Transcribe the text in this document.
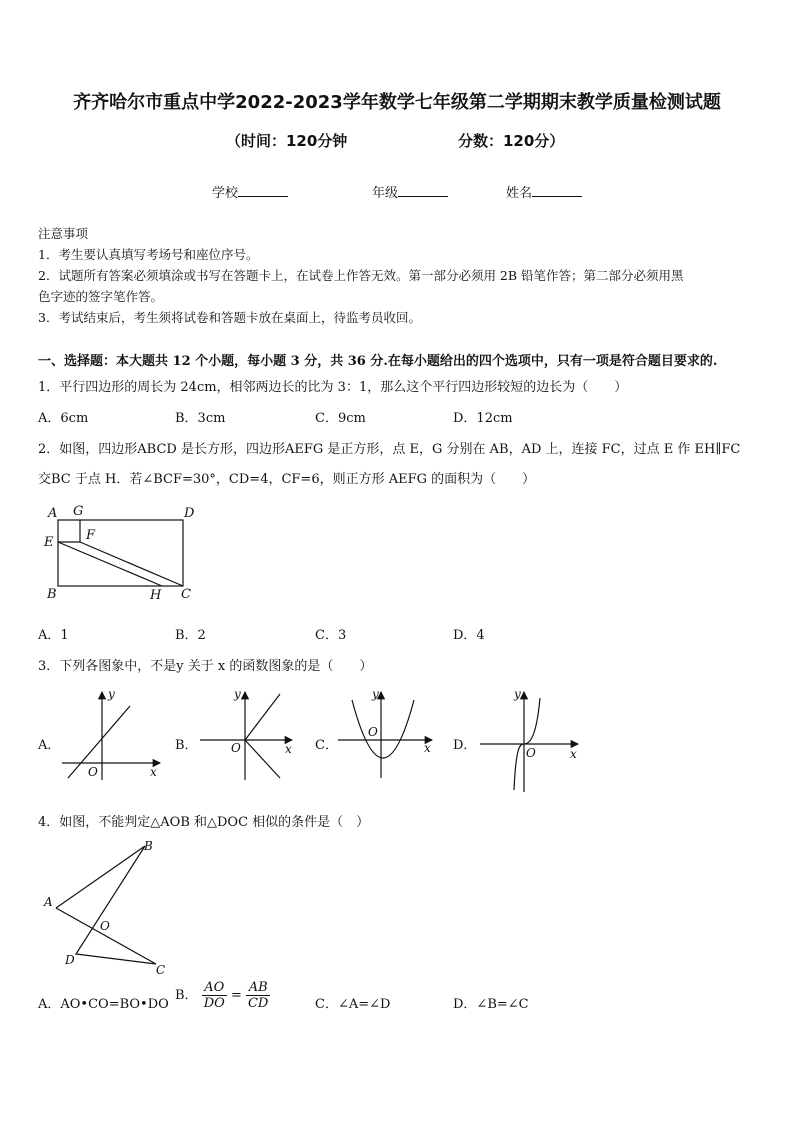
齐齐哈尔市重点中学2022-2023学年数学七年级第二学期期末教学质量检测试题
（时间：120分钟	分数：120分）
学校	年级	姓名
注意事项
1．考生要认真填写考场号和座位序号。
2．试题所有答案必须填涂或书写在答题卡上，在试卷上作答无效。第一部分必须用 2B 铅笔作答；第二部分必须用黑
色字迹的签字笔作答。
3．考试结束后，考生须将试卷和答题卡放在桌面上，待监考员收回。
一、选择题：本大题共 12 个小题，每小题 3 分，共 36 分.在每小题给出的四个选项中，只有一项是符合题目要求的.
1．平行四边形的周长为 24cm，相邻两边长的比为 3：1，那么这个平行四边形较短的边长为（　　）
A．6cm	B．3cm	C．9cm	D．12cm
2．如图，四边形ABCD 是长方形，四边形AEFG 是正方形，点 E，G 分别在 AB，AD 上，连接 FC，过点 E 作 EH∥FC
交BC 于点 H．若∠BCF=30°，CD=4，CF=6，则正方形 AEFG 的面积为（　　）
A G	D
E	F
B	H C
A．1	B．2	C．3	D．4
3．下列各图象中，不是y 关于 x 的函数图象的是（　　）
A．
y
x
O
B．
y
x
O	C．
y
x
O
D．
y
x
O
4．如图，不能判定△AOB 和△DOC 相似的条件是（　）
A
B
O
D
C
A．AO•CO=BO•DO
B． $\frac{AO}{DO} = \frac{AB}{CD}$	C．∠A=∠D	D．∠B=∠C
